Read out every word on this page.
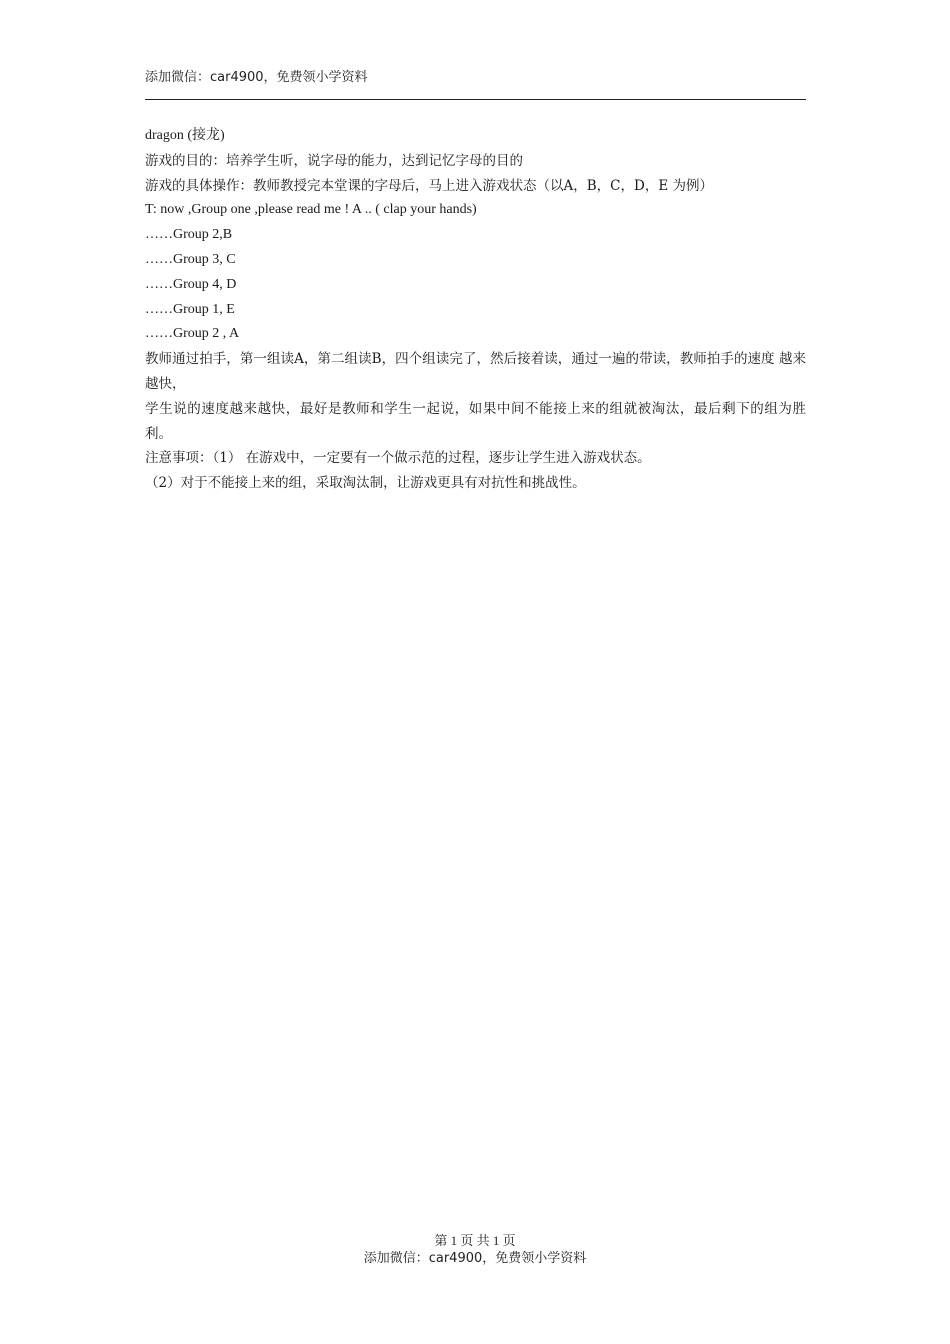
添加微信：car4900，免费领小学资料

dragon (接龙)

游戏的目的：培养学生听，说字母的能力，达到记忆字母的目的

游戏的具体操作：教师教授完本堂课的字母后，马上进入游戏状态（以A，B，C，D，E 为例）

T: now ,Group one ,please read me ! A .. ( clap your hands)

……Group 2,B

……Group 3, C

……Group 4, D

……Group 1, E

……Group 2 , A

教师通过拍手，第一组读A，第二组读B，四个组读完了，然后接着读，通过一遍的带读，教师拍手的速度 越来越快，

学生说的速度越来越快，最好是教师和学生一起说，如果中间不能接上来的组就被淘汰，最后剩下的组为胜利。

注意事项：（1） 在游戏中，一定要有一个做示范的过程，逐步让学生进入游戏状态。

（2）对于不能接上来的组，采取淘汰制，让游戏更具有对抗性和挑战性。

第 1 页 共 1 页
添加微信：car4900，免费领小学资料
